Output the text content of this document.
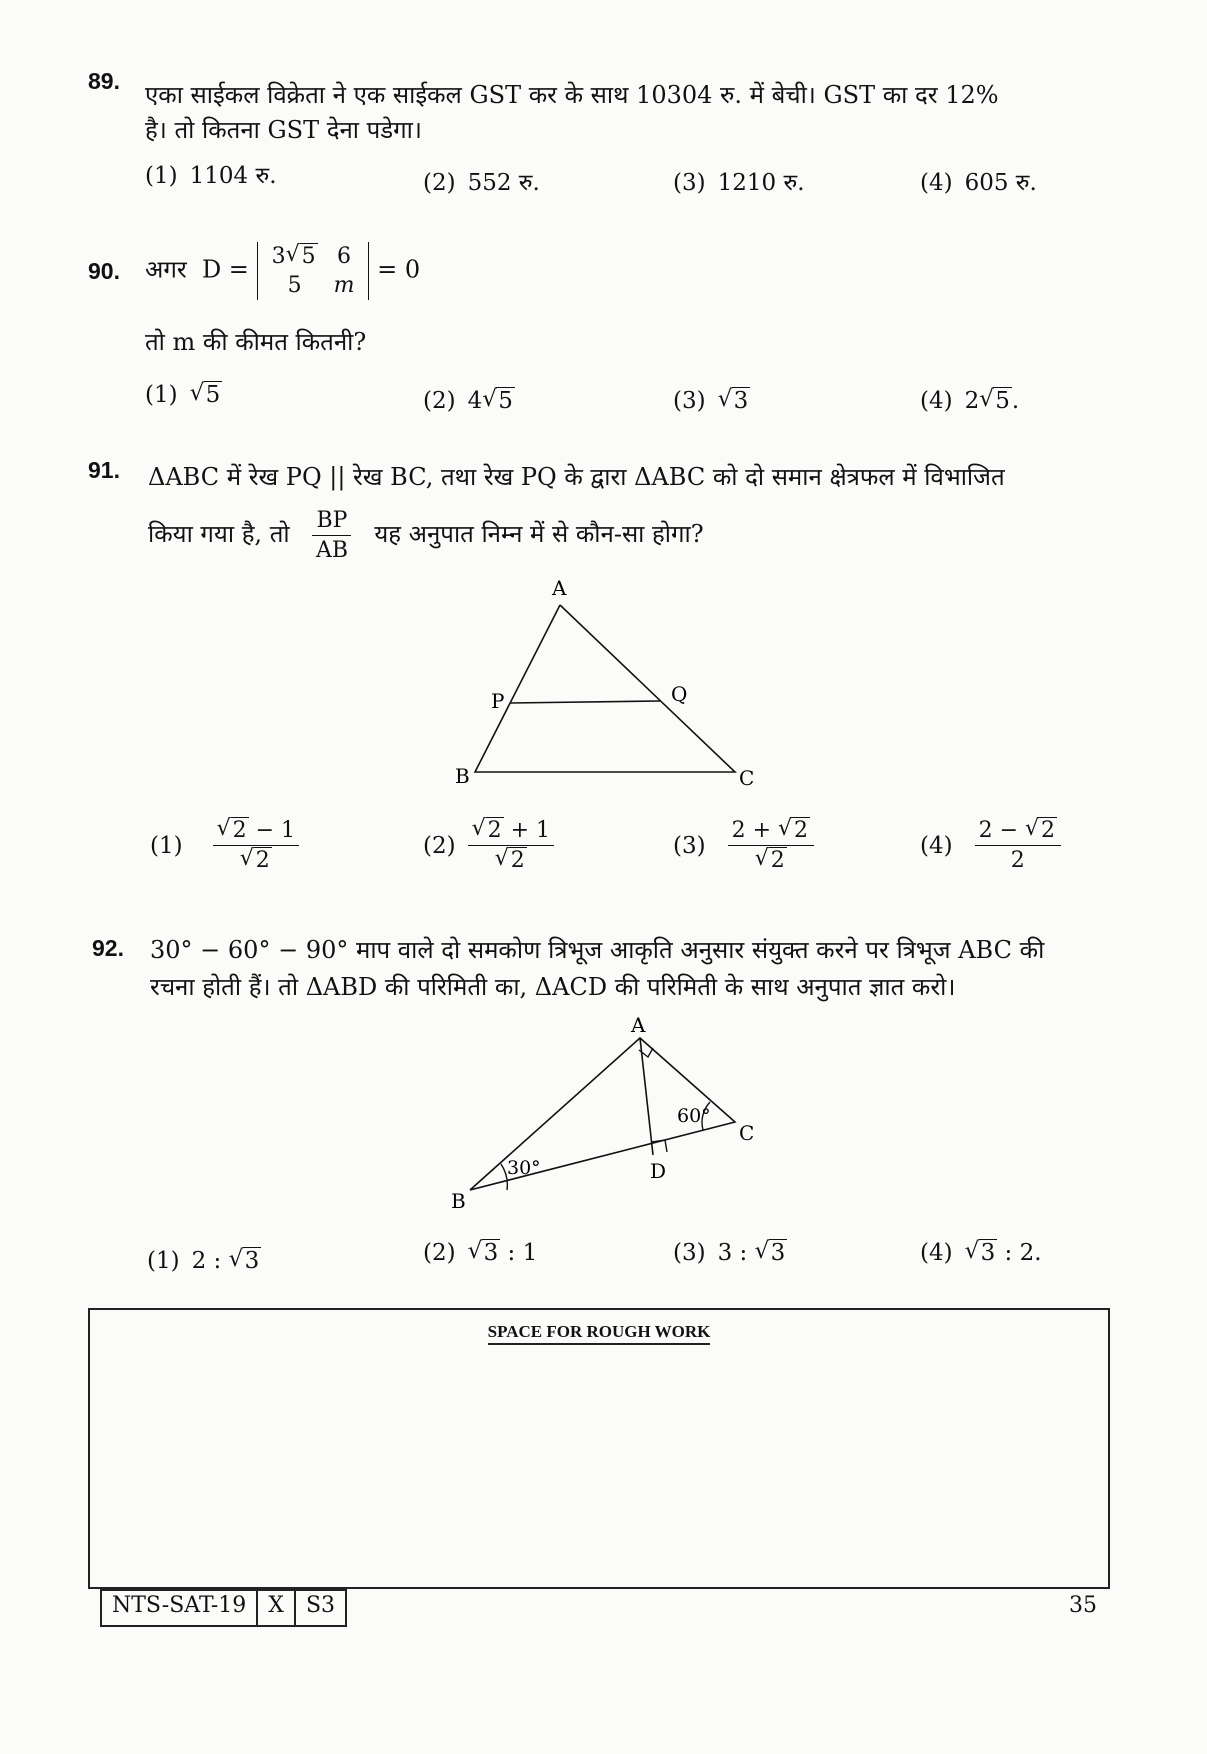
89. एका साईकल विक्रेता ने एक साईकल GST कर के साथ 10304 रु. में बेची। GST का दर 12%
है। तो कितना GST देना पडेगा।
(1) 1104 रु.	(2) 552 रु.	(3) 1210 रु.	(4) 605 रु.
90. अगर D = 3 √ 5	6
5	m
= 0
तो m की कीमत कितनी?
(1) √ 5	(2) 4 √ 5	(3) √ 3	(4) 2 √ 5.
91. ΔABC में रेख PQ || रेख BC, तथा रेख PQ के द्वारा ΔABC को दो समान क्षेत्रफल में विभाजित
किया गया है, तो $\frac{BP}{AB}$ यह अनुपात निम्न में से कौन-सा होगा?
A
P	Q
B	C
(1) √ 2 − 1
√ 2	(2) √ 2 + 1
√ 2	(3) 2 + √ 2
√ 2	$(4) \frac{2 - √ 2}{2}$
92. 30° − 60° − 90° माप वाले दो समकोण त्रिभूज आकृति अनुसार संयुक्त करने पर त्रिभूज ABC की
रचना होती हैं। तो ΔABD की परिमिती का, ΔACD की परिमिती के साथ अनुपात ज्ञात करो।
A
B
C
D
30°
60°
(1) 2 : √ 3	(2) √ 3 : 1	(3) 3 : √ 3	(4) √ 3 : 2.
SPACE FOR ROUGH WORK
NTS-SAT-19	X	S3	35
